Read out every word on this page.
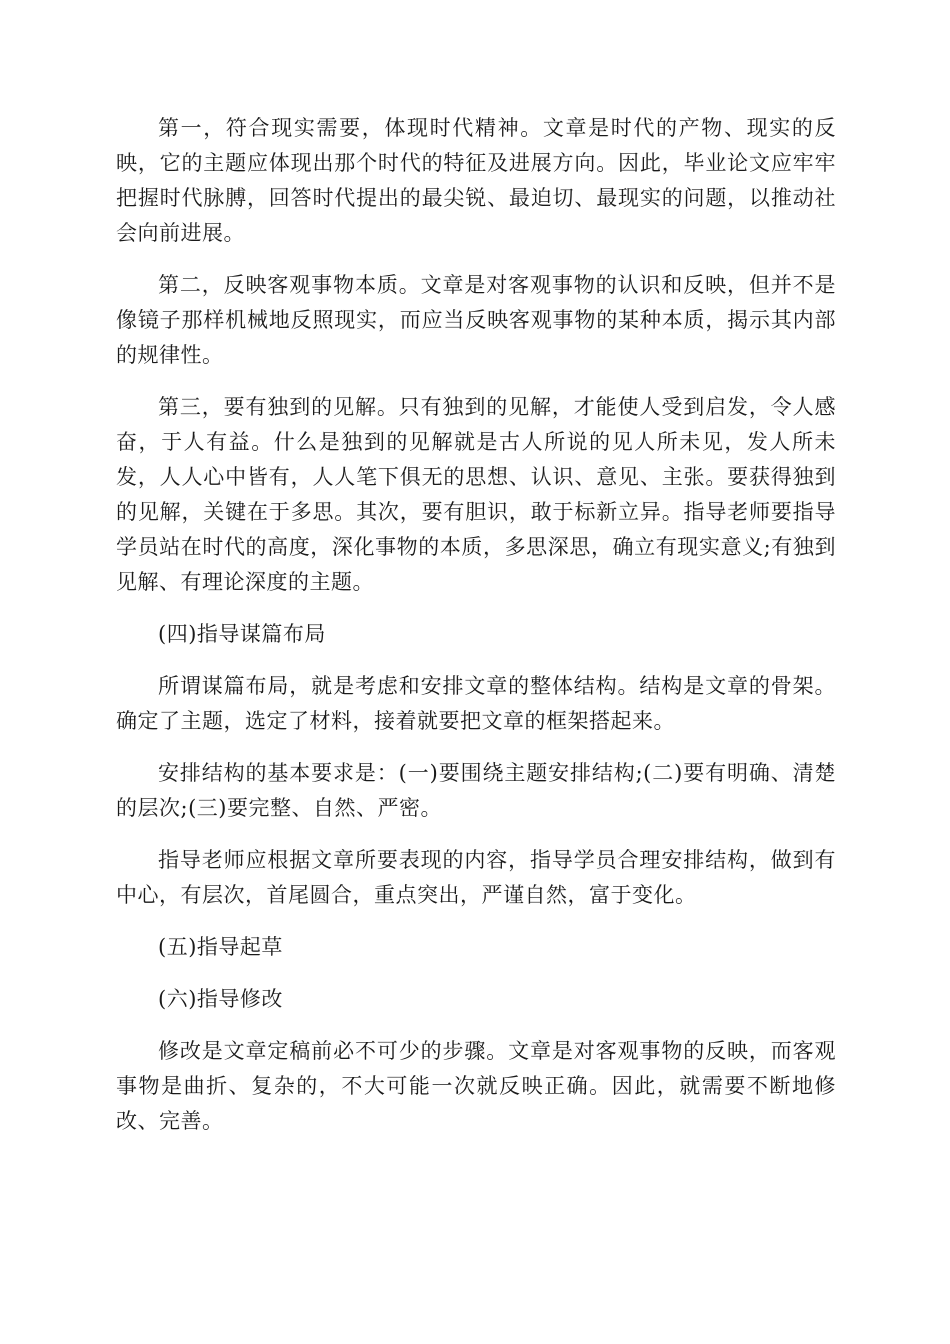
第一，符合现实需要，体现时代精神。文章是时代的产物、现实的反映，它的主题应体现出那个时代的特征及进展方向。因此，毕业论文应牢牢把握时代脉膊，回答时代提出的最尖锐、最迫切、最现实的问题，以推动社会向前进展。

第二，反映客观事物本质。文章是对客观事物的认识和反映，但并不是像镜子那样机械地反照现实，而应当反映客观事物的某种本质，揭示其内部的规律性。

第三，要有独到的见解。只有独到的见解，才能使人受到启发，令人感奋，于人有益。什么是独到的见解就是古人所说的见人所未见，发人所未发，人人心中皆有，人人笔下俱无的思想、认识、意见、主张。要获得独到的见解，关键在于多思。其次，要有胆识，敢于标新立异。指导老师要指导学员站在时代的高度，深化事物的本质，多思深思，确立有现实意义;有独到见解、有理论深度的主题。

(四)指导谋篇布局

所谓谋篇布局，就是考虑和安排文章的整体结构。结构是文章的骨架。确定了主题，选定了材料，接着就要把文章的框架搭起来。

安排结构的基本要求是：(一)要围绕主题安排结构;(二)要有明确、清楚的层次;(三)要完整、自然、严密。

指导老师应根据文章所要表现的内容，指导学员合理安排结构，做到有中心，有层次，首尾圆合，重点突出，严谨自然，富于变化。

(五)指导起草

(六)指导修改

修改是文章定稿前必不可少的步骤。文章是对客观事物的反映，而客观事物是曲折、复杂的，不大可能一次就反映正确。因此，就需要不断地修改、完善。
